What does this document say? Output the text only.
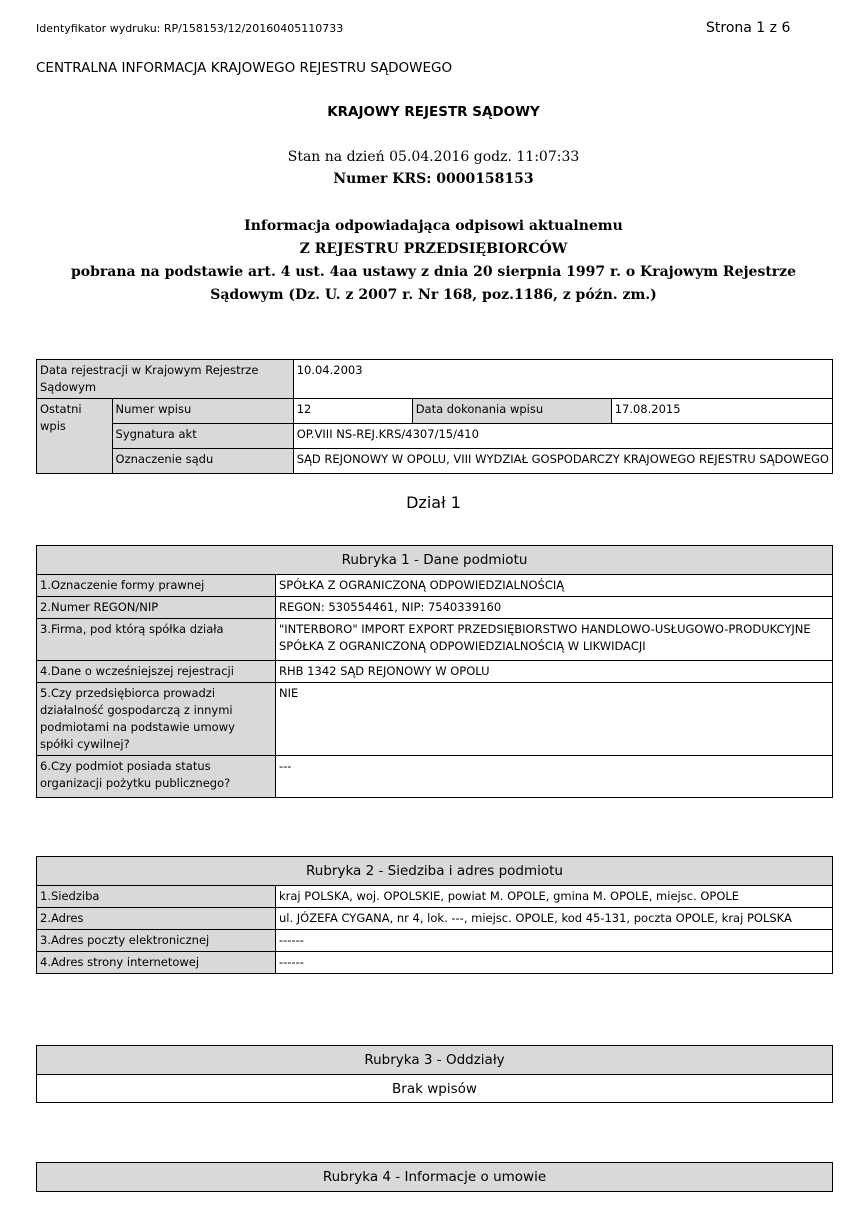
Identyfikator wydruku: RP/158153/12/20160405110733	Strona 1 z 6
CENTRALNA INFORMACJA KRAJOWEGO REJESTRU SĄDOWEGO
KRAJOWY REJESTR SĄDOWY
Stan na dzień 05.04.2016 godz. 11:07:33
Numer KRS: 0000158153
Informacja odpowiadająca odpisowi aktualnemu
Z REJESTRU PRZEDSIĘBIORCÓW
pobrana na podstawie art. 4 ust. 4aa ustawy z dnia 20 sierpnia 1997 r. o Krajowym Rejestrze
Sądowym (Dz. U. z 2007 r. Nr 168, poz.1186, z późn. zm.)
Data rejestracji w Krajowym Rejestrze Sądowym		10.04.2003		
Ostatni wpis	Numer wpisu	12	Data dokonania wpisu	17.08.2015
	Sygnatura akt	OP.VIII NS-REJ.KRS/4307/15/410		
	Oznaczenie sądu	SĄD REJONOWY W OPOLU, VIII WYDZIAŁ GOSPODARCZY KRAJOWEGO REJESTRU SĄDOWEGO		
Dział 1
Rubryka 1 - Dane podmiotu	
1.Oznaczenie formy prawnej	SPÓŁKA Z OGRANICZONĄ ODPOWIEDZIALNOŚCIĄ
2.Numer REGON/NIP	REGON: 530554461, NIP: 7540339160
3.Firma, pod którą spółka działa	"INTERBORO" IMPORT EXPORT PRZEDSIĘBIORSTWO HANDLOWO-USŁUGOWO-PRODUKCYJNE SPÓŁKA Z OGRANICZONĄ ODPOWIEDZIALNOŚCIĄ W LIKWIDACJI
4.Dane o wcześniejszej rejestracji	RHB 1342 SĄD REJONOWY W OPOLU
5.Czy przedsiębiorca prowadzi działalność gospodarczą z innymi podmiotami na podstawie umowy spółki cywilnej?	NIE
6.Czy podmiot posiada status organizacji pożytku publicznego?	---
Rubryka 2 - Siedziba i adres podmiotu	
1.Siedziba	kraj POLSKA, woj. OPOLSKIE, powiat M. OPOLE, gmina M. OPOLE, miejsc. OPOLE
2.Adres	ul. JÓZEFA CYGANA, nr 4, lok. ---, miejsc. OPOLE, kod 45-131, poczta OPOLE, kraj POLSKA
3.Adres poczty elektronicznej	------
4.Adres strony internetowej	------
Rubryka 3 - Oddziały
Brak wpisów
Rubryka 4 - Informacje o umowie
